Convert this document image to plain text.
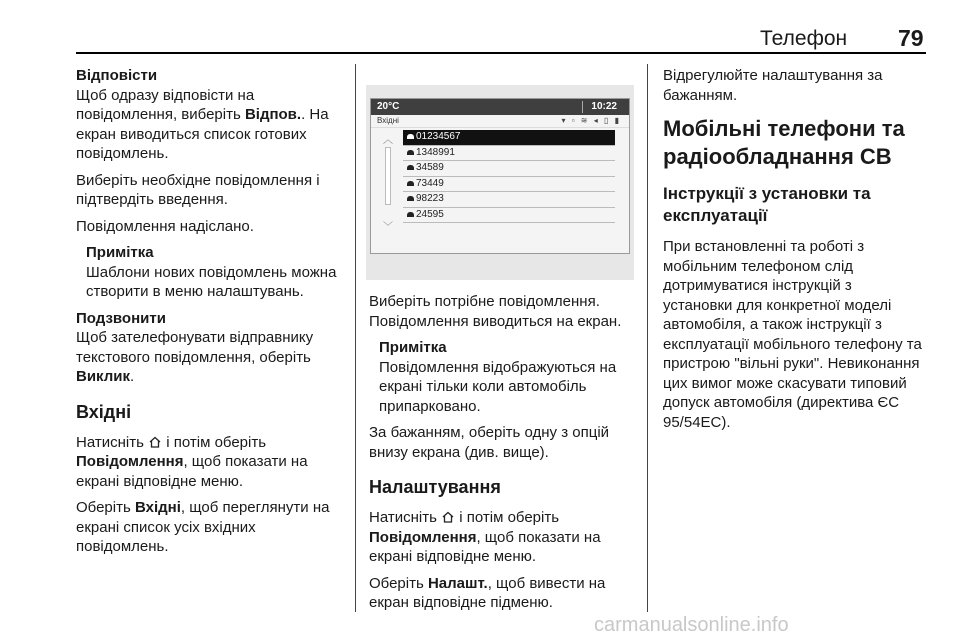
Телефон 79

Відповісти

Щоб одразу відповісти на повідомлення, виберіть Відпов.. На екран виводиться список готових повідомлень.

Виберіть необхідне повідомлення і підтвердіть введення.

Повідомлення надіслано.

Примітка
Шаблони нових повідомлень можна створити в меню налаштувань.

Подзвонити

Щоб зателефонувати відправнику текстового повідомлення, оберіть Виклик.

Вхідні

Натисніть  і потім оберіть Повідомлення, щоб показати на екрані відповідне меню.

Оберіть Вхідні, щоб переглянути на екрані список усіх вхідних повідомлень.

20°C	10:22
Вхідні	▾ ▫ ≋ ◂ ▯ ▮
︿
﹀
01234567
1348991
34589
73449
98223
24595

Виберіть потрібне повідомлення. Повідомлення виводиться на екран.

Примітка
Повідомлення відображуються на екрані тільки коли автомобіль припарковано.

За бажанням, оберіть одну з опцій внизу екрана (див. вище).

Налаштування

Натисніть  і потім оберіть Повідомлення, щоб показати на екрані відповідне меню.

Оберіть Налашт., щоб вивести на екран відповідне підменю.

Відрегулюйте налаштування за бажанням.

Мобільні телефони та радіообладнання CB

Інструкції з установки та експлуатації

При встановленні та роботі з мобільним телефоном слід дотримуватися інструкцій з установки для конкретної моделі автомобіля, а також інструкції з експлуатації мобільного телефону та пристрою "вільні руки". Невиконання цих вимог може скасувати типовий допуск автомобіля (директива ЄС 95/54EC).

carmanualsonline.info
